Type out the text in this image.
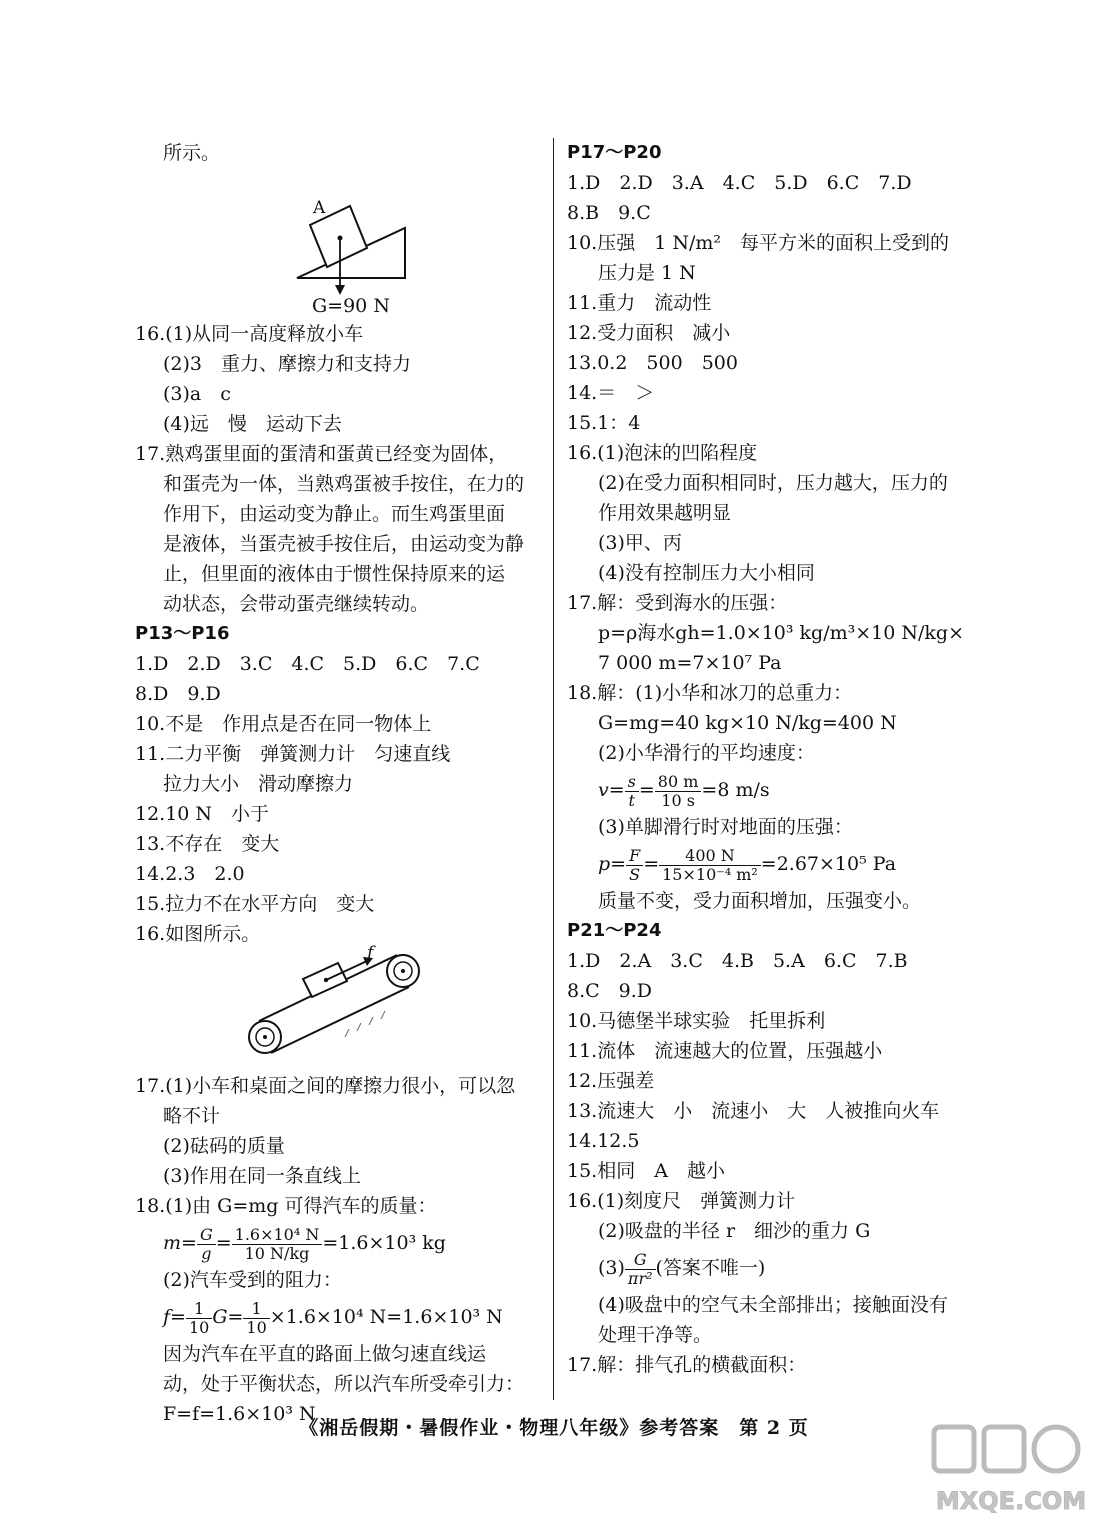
所示。
A
G=90 N
16.(1)从同一高度释放小车
(2)3　重力、摩擦力和支持力
(3)a　c
(4)远　慢　运动下去
17.熟鸡蛋里面的蛋清和蛋黄已经变为固体，
和蛋壳为一体，当熟鸡蛋被手按住，在力的
作用下，由运动变为静止。而生鸡蛋里面
是液体，当蛋壳被手按住后，由运动变为静
止，但里面的液体由于惯性保持原来的运
动状态，会带动蛋壳继续转动。
P13～P16
1.D　2.D　3.C　4.C　5.D　6.C　7.C
8.D　9.D
10.不是　作用点是否在同一物体上
11.二力平衡　弹簧测力计　匀速直线
拉力大小　滑动摩擦力
12.10 N　小于
13.不存在　变大
14.2.3　2.0
15.拉力不在水平方向　变大
16.如图所示。
f
17.(1)小车和桌面之间的摩擦力很小，可以忽
略不计
(2)砝码的质量
(3)作用在同一条直线上
18.(1)由 G=mg 可得汽车的质量：
$m= \frac{G}{g} = \frac{\text{1.6×10⁴ N}}{10 N/kg} =1.6\times 10^3$ kg
(2)汽车受到的阻力：
$f= \frac{1}{10} G= \frac{1}{10} \times 1.6\times 10^4$ N=1.6×10³ N
因为汽车在平直的路面上做匀速直线运
动，处于平衡状态，所以汽车所受牵引力：
F=f=1.6×10³ N
P17～P20
1.D　2.D　3.A　4.C　5.D　6.C　7.D
8.B　9.C
10.压强　1 N/m²　每平方米的面积上受到的
压力是 1 N
11.重力　流动性
12.受力面积　减小
13.0.2　500　500
14.＝　＞
15.1：4
16.(1)泡沫的凹陷程度
(2)在受力面积相同时，压力越大，压力的
作用效果越明显
(3)甲、丙
(4)没有控制压力大小相同
17.解：受到海水的压强：
p=ρ海水gh=1.0×10³ kg/m³×10 N/kg×
7 000 m=7×10⁷ Pa
18.解：(1)小华和冰刀的总重力：
G=mg=40 kg×10 N/kg=400 N
(2)小华滑行的平均速度：
$v= \frac{s}{t} = \frac{80 m}{10 s} =8$ m/s
(3)单脚滑行时对地面的压强：
$p= \frac{F}{S} = \frac{400 N}{\text{15×10⁻⁴ m²}} =2.67\times 10^5$ Pa
质量不变，受力面积增加，压强变小。
P21～P24
1.D　2.A　3.C　4.B　5.A　6.C　7.B
8.C　9.D
10.马德堡半球实验　托里拆利
11.流体　流速越大的位置，压强越小
12.压强差
13.流速大　小　流速小　大　人被推向火车
14.12.5
15.相同　A　越小
16.(1)刻度尺　弹簧测力计
(2)吸盘的半径 r　细沙的重力 G
$(3) \frac{G}{\text{πr²}}$ (答案不唯一)
(4)吸盘中的空气未全部排出；接触面没有
处理干净等。
17.解：排气孔的横截面积：
《湘岳假期・暑假作业・物理八年级》参考答案　第 2 页
MXQE.COM
